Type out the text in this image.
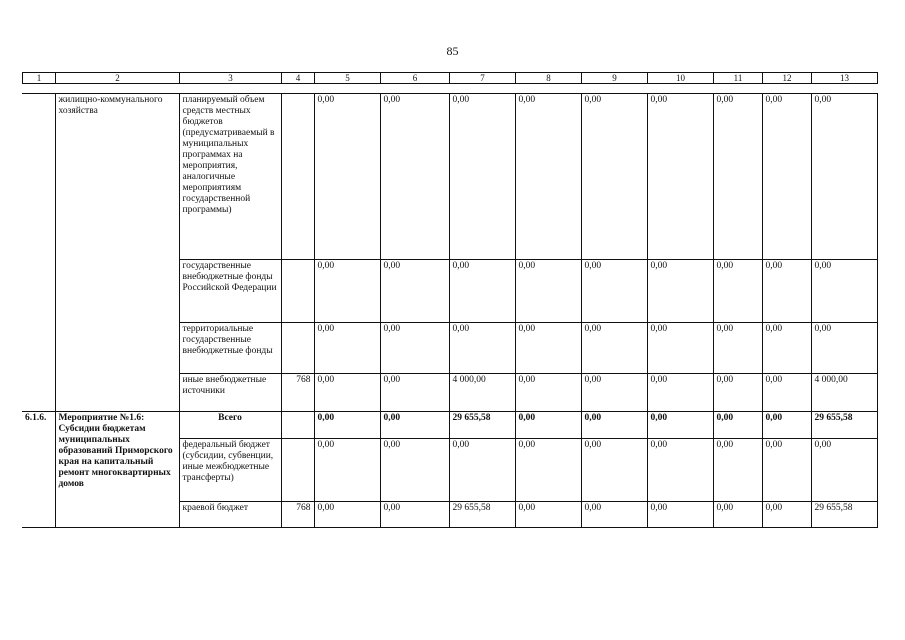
85
1	2	3	4	5	6	7	8	9	10	11	12	13
	жилищно-коммунального хозяйства	планируемый объем средств местных бюджетов (предусматриваемый в муниципальных программах на мероприятия, аналогичные мероприятиям государственной программы)		0,00	0,00	0,00	0,00	0,00	0,00	0,00	0,00	0,00
		государственные внебюджетные фонды Российской Федерации		0,00	0,00	0,00	0,00	0,00	0,00	0,00	0,00	0,00
		территориальные государственные внебюджетные фонды		0,00	0,00	0,00	0,00	0,00	0,00	0,00	0,00	0,00
		иные внебюджетные источники	768	0,00	0,00	4 000,00	0,00	0,00	0,00	0,00	0,00	4 000,00
6.1.6.	Мероприятие №1.6: Субсидии бюджетам муниципальных образований Приморского края на капитальный ремонт многоквартирных домов	Всего		0,00	0,00	29 655,58	0,00	0,00	0,00	0,00	0,00	29 655,58
		федеральный бюджет (субсидии, субвенции, иные межбюджетные трансферты)		0,00	0,00	0,00	0,00	0,00	0,00	0,00	0,00	0,00
		краевой бюджет	768	0,00	0,00	29 655,58	0,00	0,00	0,00	0,00	0,00	29 655,58
